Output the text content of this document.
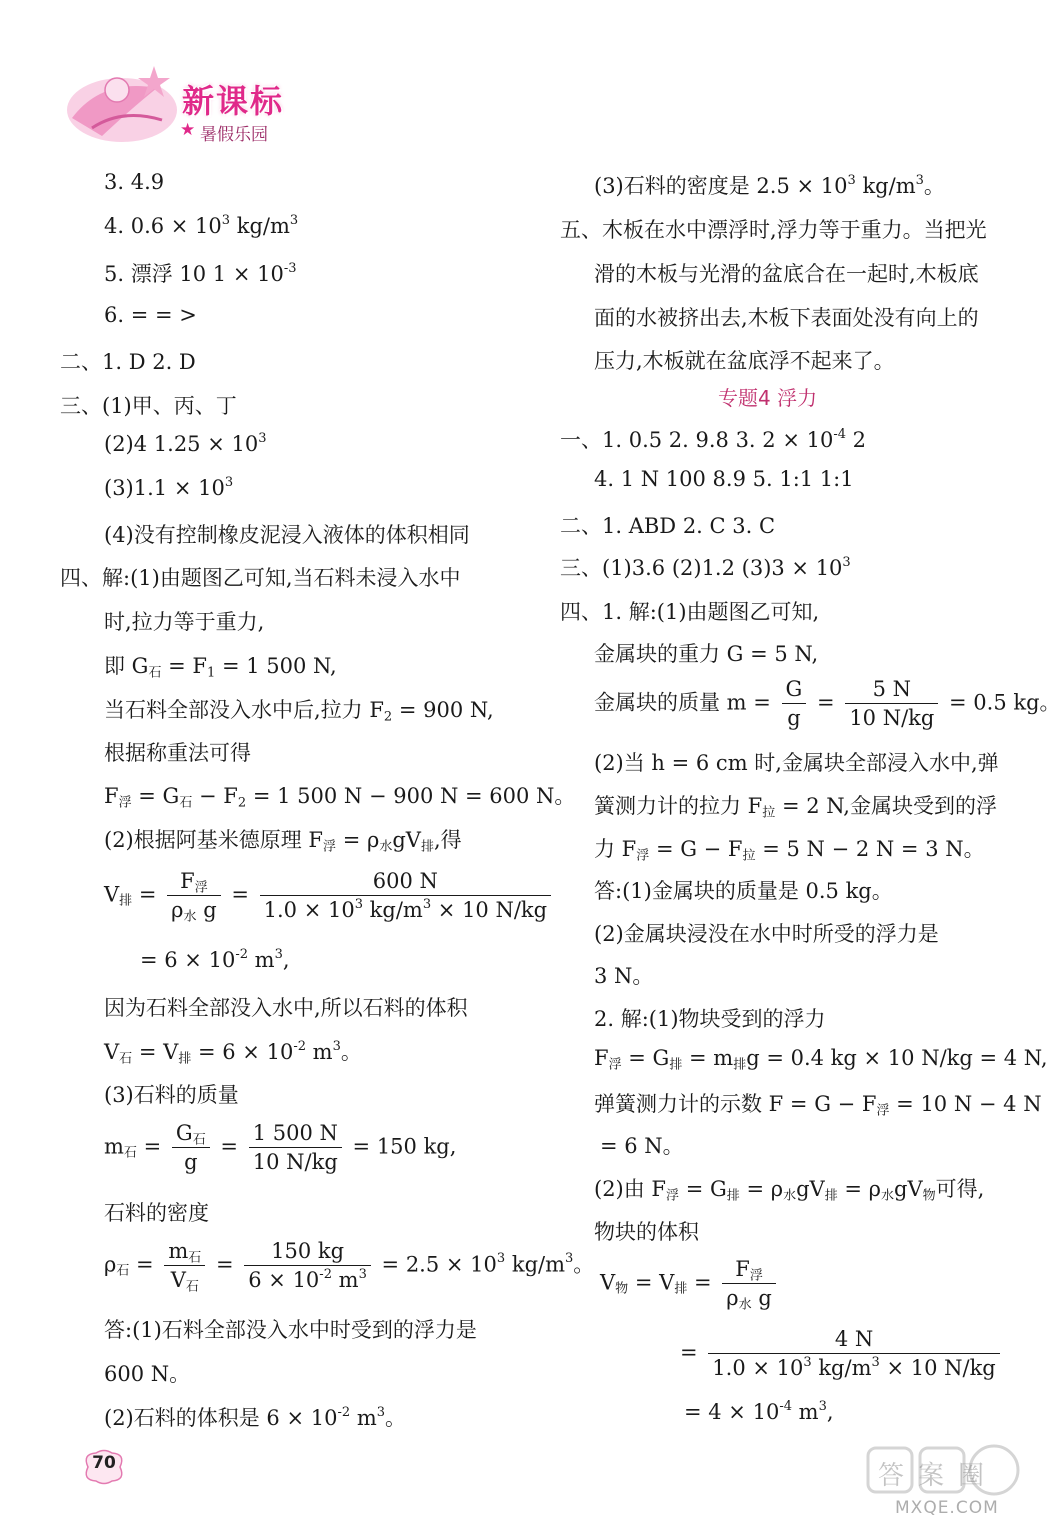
新课标
★ 暑假乐园
3. 4.9
4. $0.6 \times 10^3$ $kg/m^3$
5. 漂浮 10 $1 \times 10^{-3}$
6. = = >
二、1. D 2. D
三、(1)甲、丙、丁
(2)4 $1.25 \times 10^3$
$(3)1.1 \times 10^3$
(4)没有控制橡皮泥浸入液体的体积相同
四、解:(1)由题图乙可知,当石料未浸入水中
时,拉力等于重力,
即 $G_石 = F_1 = 1$ 500 N,
当石料全部没入水中后,拉力 $F_2 = 900$ N,
根据称重法可得
$F_浮 = G_石 - F_2 = 1$ 500 N − 900 N = 600 N。
(2)根据阿基米德原理 $F_浮 = \rho_水gV_排$,得
$V_排 = \frac{F_浮}{\rho_水 g} = \frac{600 N}{1.0 \times 10^3 kg/m^3 \times 10 N/kg}$
= $6 \times 10^{-2}$ $m^3$,
因为石料全部没入水中,所以石料的体积
$V_石 = V_排 = 6 \times 10^{-2}$ $m^3$。
(3)石料的质量
$m_石 = \frac{G_石}{g} = \frac{1 500 N}{10 N/kg} = 150$ kg,
石料的密度
$\rho_石 = \frac{m_石}{V_石} = \frac{150 kg}{6 \times 10^{-2} m^3} = 2.5 \times 10^3$ $kg/m^3$。
答:(1)石料全部没入水中时受到的浮力是
600 N。
(2)石料的体积是 $6 \times 10^{-2}$ $m^3$。
(3)石料的密度是 $2.5 \times 10^3$ $kg/m^3$。
五、木板在水中漂浮时,浮力等于重力。当把光
滑的木板与光滑的盆底合在一起时,木板底
面的水被挤出去,木板下表面处没有向上的
压力,木板就在盆底浮不起来了。
专题4 浮力
一、1. 0.5 2. 9.8 3. $2 \times 10^{-4}$ 2
4. 1 N 100 8.9 5. 1:1 1:1
二、1. ABD 2. C 3. C
三、(1)3.6 (2)1.2 $(3)3 \times 10^3$
四、1. 解:(1)由题图乙可知,
金属块的重力 G = 5 N,
金属块的质量 $m = \frac{G}{g} = \frac{5 N}{10 N/kg} = 0.5$ kg。
(2)当 h = 6 cm 时,金属块全部浸入水中,弹
簧测力计的拉力 $F_拉 = 2$ N,金属块受到的浮
力 $F_浮 = G - F_拉 = 5$ N − 2 N = 3 N。
答:(1)金属块的质量是 0.5 kg。
(2)金属块浸没在水中时所受的浮力是
3 N。
2. 解:(1)物块受到的浮力
$F_浮 = G_排 = m_排g = 0.4$ kg × 10 N/kg = 4 N,
弹簧测力计的示数 $F = G - F_浮 = 10$ N − 4 N
= 6 N。
(2)由 $F_浮 = G_排 = \rho_水gV_排 = \rho_水gV_物$可得,
物块的体积
$V_物 = V_排 = \frac{F_浮}{\rho_水 g}$
= $\frac{4 N}{1.0 \times 10^3 kg/m^3 \times 10 N/kg}$
= $4 \times 10^{-4}$ $m^3$,
70	答案圈
MXQE.COM
